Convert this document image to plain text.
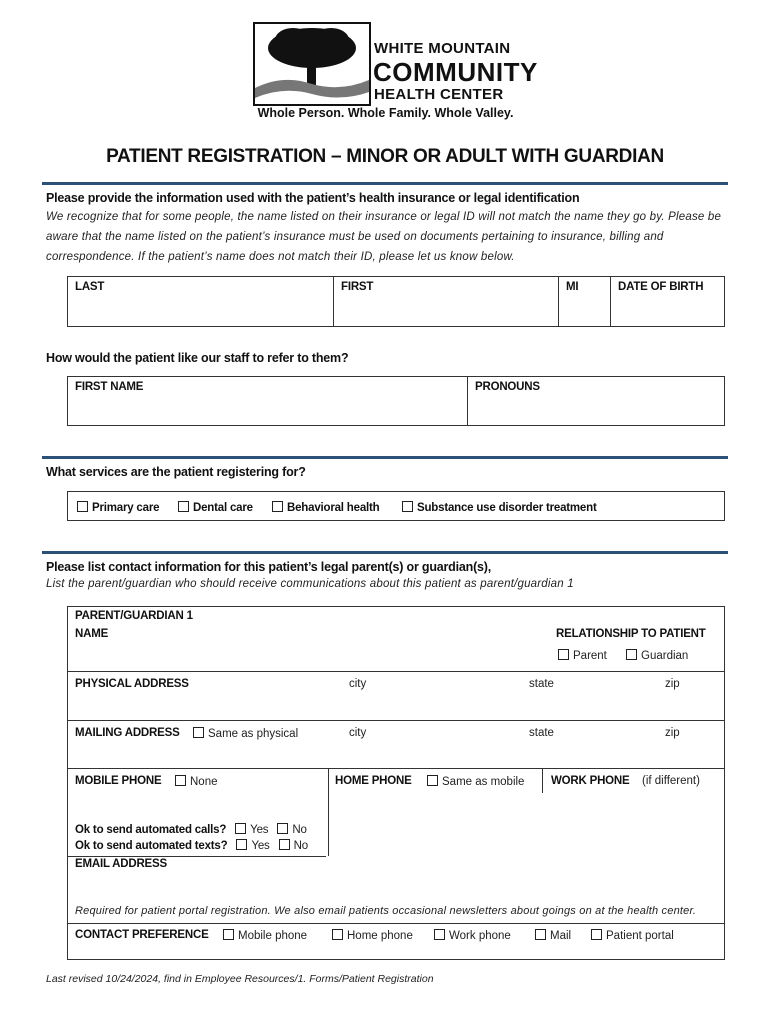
WHITE MOUNTAIN
COMMUNITY
HEALTH CENTER
Whole Person. Whole Family. Whole Valley.
PATIENT REGISTRATION – MINOR OR ADULT WITH GUARDIAN
Please provide the information used with the patient’s health insurance or legal identification
We recognize that for some people, the name listed on their insurance or legal ID will not match the name they go by. Please be
aware that the name listed on the patient’s insurance must be used on documents pertaining to insurance, billing and
correspondence. If the patient’s name does not match their ID, please let us know below.
LAST	FIRST	MI	DATE OF BIRTH
How would the patient like our staff to refer to them?
FIRST NAME	PRONOUNS
What services are the patient registering for?
Primary care	Dental care	Behavioral health	Substance use disorder treatment
Please list contact information for this patient’s legal parent(s) or guardian(s),
List the parent/guardian who should receive communications about this patient as parent/guardian 1
PARENT/GUARDIAN 1
NAME	RELATIONSHIP TO PATIENT
Parent	Guardian
PHYSICAL ADDRESS	city	state	zip
MAILING ADDRESS	Same as physical	city	state	zip
MOBILE PHONE	None	HOME PHONE	Same as mobile WORK PHONE (if different)
Ok to send automated calls? Yes No
Ok to send automated texts? Yes No
EMAIL ADDRESS
Required for patient portal registration. We also email patients occasional newsletters about goings on at the health center.
CONTACT PREFERENCE	Mobile phone	Home phone	Work phone	Mail	Patient portal
Last revised 10/24/2024, find in Employee Resources/1. Forms/Patient Registration
